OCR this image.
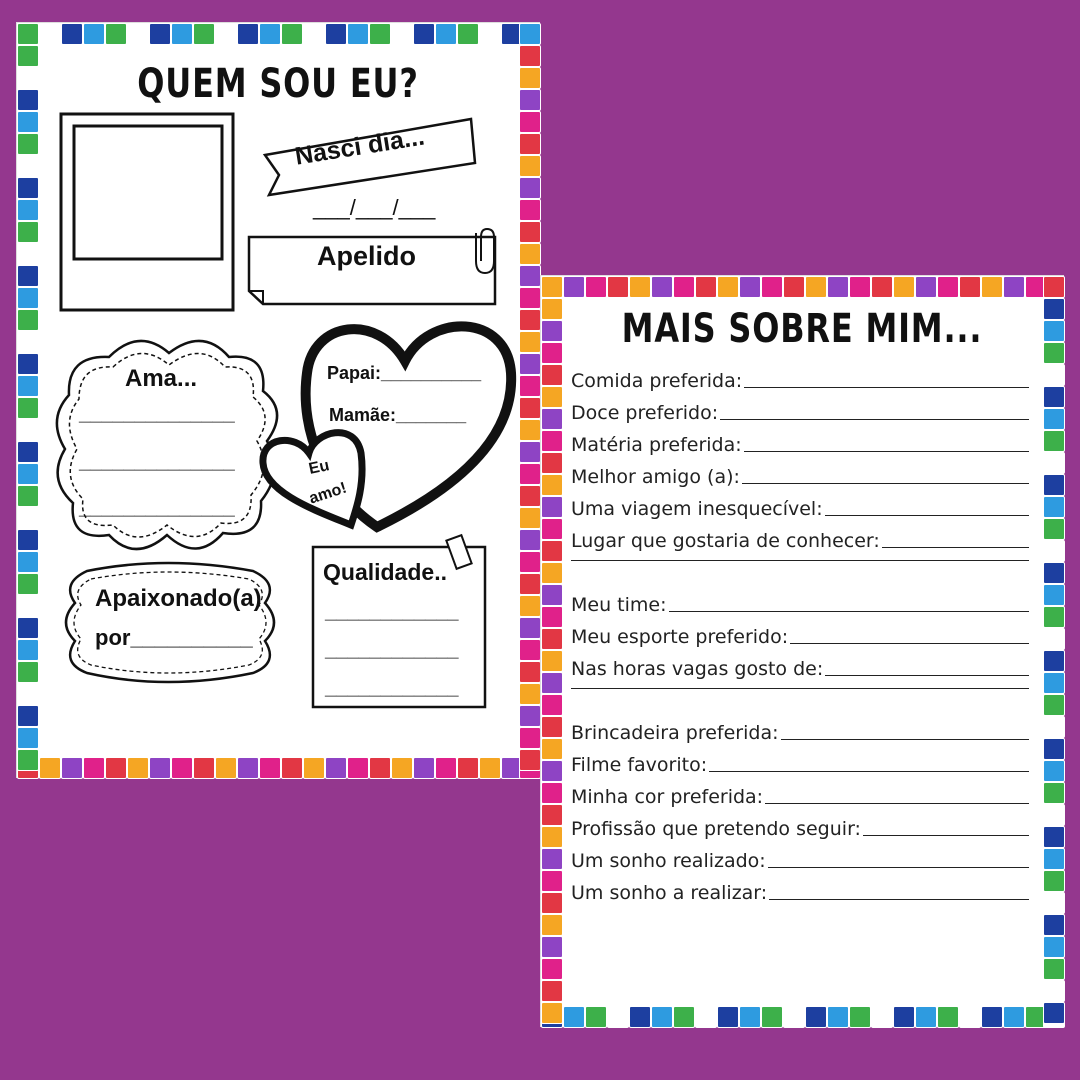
QUEM SOU EU?
Nasci dia...
___/___/___
Apelido
Ama...
______________
______________
______________
Papai:__________
Mamãe:_______
Eu
amo!
Apaixonado(a)
por__________
Qualidade..
____________
____________
____________
MAIS SOBRE MIM...
Comida preferida:
Doce preferido:
Matéria preferida:
Melhor amigo (a):
Uma viagem inesquecível:
Lugar que gostaria de conhecer:
Meu time:
Meu esporte preferido:
Nas horas vagas gosto de:
Brincadeira preferida:
Filme favorito:
Minha cor preferida:
Profissão que pretendo seguir:
Um sonho realizado:
Um sonho a realizar:
